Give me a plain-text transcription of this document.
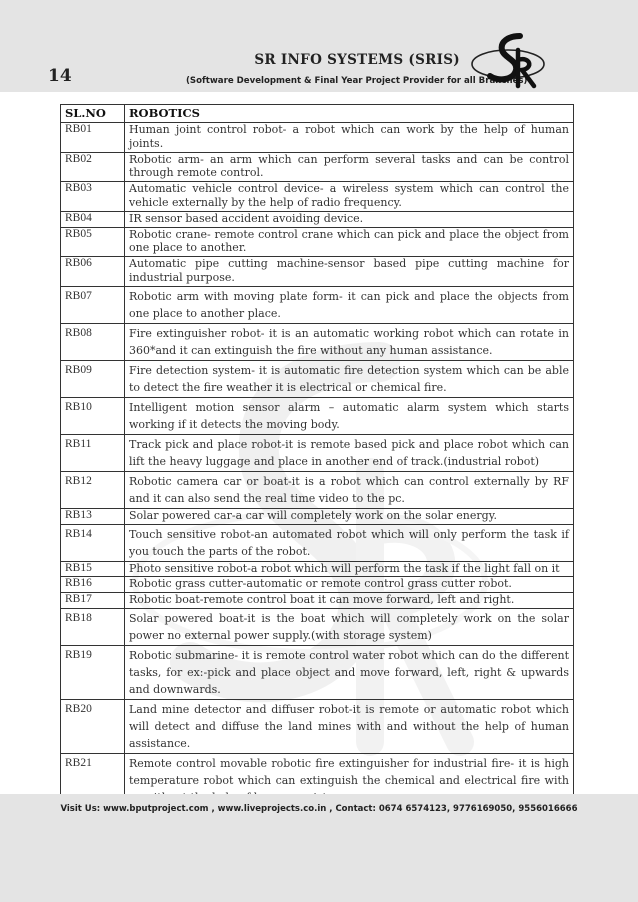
14
SR INFO SYSTEMS (SRIS)
(Software Development & Final Year Project Provider for all Branches)
SL.NO	ROBOTICS
RB01	Human joint control robot- a robot which can work by the help of human joints.
RB02	Robotic arm- an arm which can perform several tasks and can be control through remote control.
RB03	Automatic vehicle control device- a wireless system which can control the vehicle externally by the help of radio frequency.
RB04	IR sensor based accident avoiding device.
RB05	Robotic crane- remote control crane which can pick and place the object from one place to another.
RB06	Automatic pipe cutting machine-sensor based pipe cutting machine for industrial purpose.
RB07	Robotic arm with moving plate form- it can pick and place the objects from one place to another place.
RB08	Fire extinguisher robot- it is an automatic working robot which can rotate in 360*and it can extinguish the fire without any human assistance.
RB09	Fire detection system- it is automatic fire detection system which can be able to detect the fire weather it is electrical or chemical fire.
RB10	Intelligent motion sensor alarm – automatic alarm system which starts working if it detects the moving body.
RB11	Track pick and place robot-it is remote based pick and place robot which can lift the heavy luggage and place in another end of track.(industrial robot)
RB12	Robotic camera car or boat-it is a robot which can control externally by RF and it can also send the real time video to the pc.
RB13	Solar powered car-a car will completely work on the solar energy.
RB14	Touch sensitive robot-an automated robot which will only perform the task if you touch the parts of the robot.
RB15	Photo sensitive robot-a robot which will perform the task if the light fall on it
RB16	Robotic grass cutter-automatic or remote control grass cutter robot.
RB17	Robotic boat-remote control boat it can move forward, left and right.
RB18	Solar powered boat-it is the boat which will completely work on the solar power no external power supply.(with storage system)
RB19	Robotic submarine- it is remote control water robot which can do the different tasks, for ex:-pick and place object and move forward, left, right & upwards and downwards.
RB20	Land mine detector and diffuser robot-it is remote or automatic robot which will detect and diffuse the land mines with and without the help of human assistance.
RB21	Remote control movable robotic fire extinguisher for industrial fire- it is high temperature robot which can extinguish the chemical and electrical fire with
Visit Us: www.bputproject.com , www.liveprojects.co.in , Contact: 0674 6574123, 9776169050, 9556016666
